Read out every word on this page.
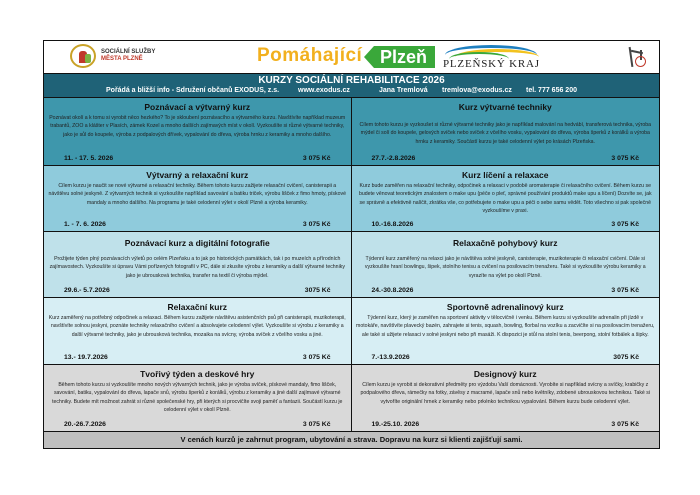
SOCIÁLNÍ SLUŽBY
MĚSTA PLZNĚ	Pomáhající Plzeň	PLZEŇSKÝ KRAJ
KURZY SOCIÁLNÍ REHABILITACE 2026
Pořádá a bližší info - Sdružení občanů EXODUS, z.s.	www.exodus.cz	Jana Tremlová tremlova@exodus.cz tel. 777 656 200
Poznávací a výtvarný kurz
Poznávat okolí a k tomu si vyrobit něco hezkého? To je skloubení poznávacího a výtvarného kurzu. Navštívíte například muzeum trabantů, ZOO a klášter v Plasích, zámek Kozel a mnoho dalších zajímavých míst v okolí. Vyzkoušíte si různé výtvarné techniky, jako je sůl do koupele, výroba z podpalových dřívek, vypalování do dřeva, výroba hrnku z keramiky a mnoho dalšího.
11. - 17. 5. 2026	3 075 Kč
Kurz výtvarné techniky
Cílem tohoto kurzu je vyzkoušet si různé výtvarné techniky jako je například malování na hedvábí, transferová technika, výroba mýdel či solí do koupele, gelových svíček nebo svíček z včelího vosku, vypalování do dřeva, výroba šperků z korálků a výroba hrnku z keramiky. Součástí kurzu je také celodenní výlet po krásách Plzeňska.
27.7.-2.8.2026	3 075 Kč
Výtvarný a relaxační kurz
Cílem kurzu je naučit se nové výtvarné a relaxační techniky. Během tohoto kurzu zažijete relaxační cvičení, canisterapii a návštěvu solné jeskyně. Z výtvarných technik si vyzkoušíte například savování a batiku triček, výrobu lišček z fimo hmoty, pískové mandaly a mnoho dalšího. Na programu je také celodenní výlet v okolí Plzně a výroba keramiky.
1. - 7. 6. 2026	3 075 Kč
Kurz líčení a relaxace
Kurz bude zaměřen na relaxační techniky, odpočinek a relaxaci v podobě aromaterapie či relaxačního cvičení. Během kurzu se budete věnovat teoretickým znalostem o make upu (péče o pleť, správné používání produktů make upu a líčení) Dozvíte se, jak se správně a efektivně nalíčit, zkrátka vše, co potřebujete o make upu a péči o sebe samu vědět. Toto všechno si pak společně vyzkoušíme v praxi.
10.-16.8.2026	3 075 Kč
Poznávací kurz a digitální fotografie
Prožijete týden plný poznávacích výletů po celém Plzeňsku a to jak po historických památkách, tak i po muzeích a přírodních zajímavostech. Vyzkoušíte si úpravu Vámi pořízených fotografií v PC, dále si zkusíte výrobu z keramiky a další výtvarné techniky jako je ubrousková technika, transfer na textil či výroba mýdel.
29.6.- 5.7.2026	3075 Kč
Relaxačně pohybový kurz
Týdenní kurz zaměřený na relaxci jako je návštěva solné jeskyně, canisterapie, muzikoterapie či relaxační cvičení. Dále si vyzkoušíte hraní bowlingu, šipek, stolního tenisu a cvičení na posilovacím trenažeru. Také si vyzkoušíte výrobu keramiky a vyrazíte na výlet po okolí Plzně.
24.-30.8.2026	3 075 Kč
Relaxační kurz
Kurz zaměřený na potřebný odpočinek a relaxaci. Během kurzu zažijete návštěvu asistenčních psů při canisterapii, muzikoterapii, navštívíte solnou jeskyni, poznáte techniky relaxačního cvičení a absolvujete celodenní výlet. Vyzkoušíte si výrobu z keramiky a další výtvarné techniky, jako je ubrousková technika, mozaika na svícny, výroba svíček z včelího vosku a jiné.
13.- 19.7.2026	3 075 Kč
Sportovně adrenalinový kurz
Týdenní kurz, který je zaměřen na sportovní aktivity v tělocvičně i venku. Během kurzu si vyzkoušíte adrenalin při jízdě v motokáře, navštívíte plavecký bazén, zahrajete si tenis, squash, bowling, florbal na vozíku a zacvičíte si na posilovacím trenažeru, ale také si užijete relaxaci v solné jeskyni nebo při masáži. K dispozici je stůl na stolní tenis, beerpong, stolní fotbálek a šipky.
7.-13.9.2026	3075 Kč
Tvořivý týden a deskové hry
Během tohoto kurzu si vyzkoušíte mnoho nových výtvarných technik, jako je výroba svíček, pískové mandaly, fimo lišček, savování, batiku, vypalování do dřeva, lapače snů, výrobu šperků z korálků, výrobu z keramiky a jiné další zajímavé výtvarné techniky. Budete mít možnost zahrát si různé společenské hry, při kterých si procvičíte svoji paměť a fantazii. Součástí kurzu je celodenní výlet v okolí Plzně.
20.-26.7.2026	3 075 Kč
Designový kurz
Cílem kurzu je vyrobit si dekorativní předměty pro výzdobu Vaší domácnosti. Vyrobíte si například svícny a svíčky, krabičky z podpalového dřeva, rámečky na fotky, závěsy z macramé, lapače snů nebo květníky, zdobené ubrouskovou technikou. Také si vytvoříte originální hrnek z keramiky nebo prkénko technikou vypalování. Během kurzu bude celodenní výlet.
19.-25.10. 2026	3 075 Kč
V cenách kurzů je zahrnut program, ubytování a strava. Dopravu na kurz si klienti zajišťují sami.
